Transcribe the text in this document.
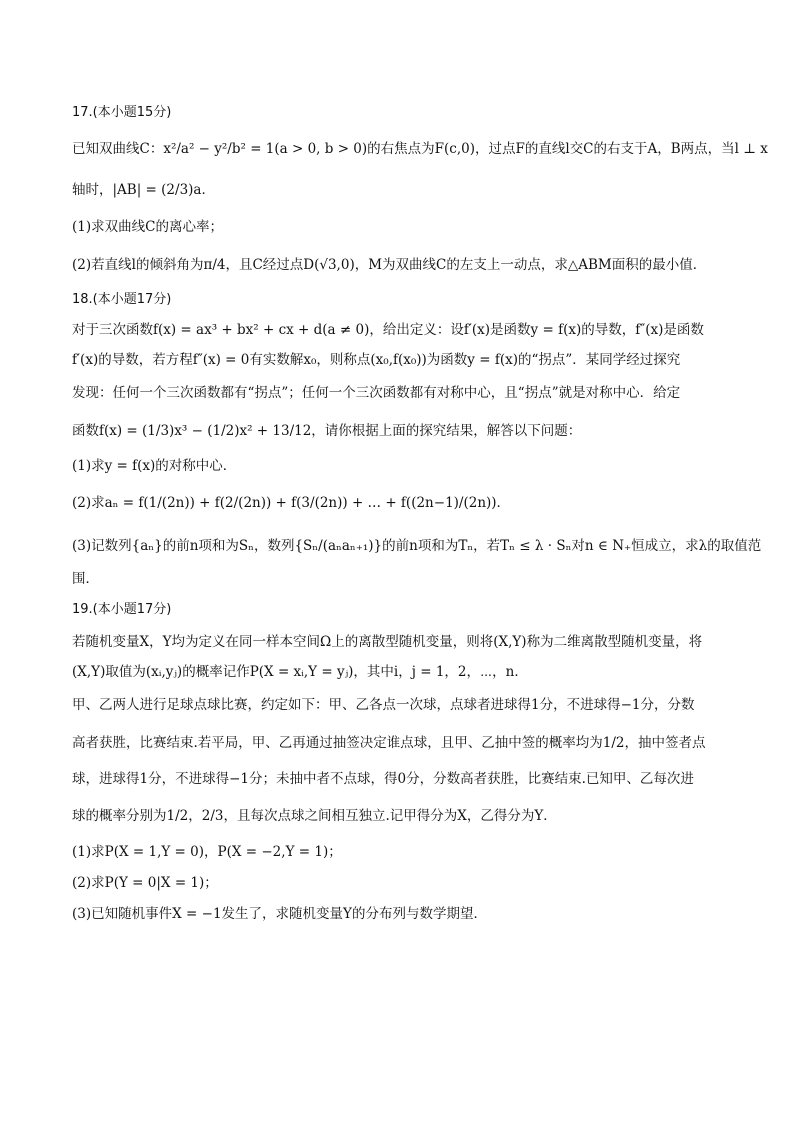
17.(本小题15分)
已知双曲线C：x²/a² − y²/b² = 1(a > 0, b > 0)的右焦点为F(c,0)，过点F的直线l交C的右支于A，B两点，当l ⊥ x
轴时，|AB| = (2/3)a．
(1)求双曲线C的离心率；
(2)若直线l的倾斜角为π/4，且C经过点D(√3,0)，M为双曲线C的左支上一动点，求△ABM面积的最小值．
18.(本小题17分)
对于三次函数f(x) = ax³ + bx² + cx + d(a ≠ 0)，给出定义：设f′(x)是函数y = f(x)的导数，f″(x)是函数
f′(x)的导数，若方程f″(x) = 0有实数解x₀，则称点(x₀,f(x₀))为函数y = f(x)的“拐点”．某同学经过探究
发现：任何一个三次函数都有“拐点”；任何一个三次函数都有对称中心，且“拐点”就是对称中心．给定
函数f(x) = (1/3)x³ − (1/2)x² + 13/12，请你根据上面的探究结果，解答以下问题：
(1)求y = f(x)的对称中心．
(2)求aₙ = f(1/(2n)) + f(2/(2n)) + f(3/(2n)) + … + f((2n−1)/(2n))．
(3)记数列{aₙ}的前n项和为Sₙ，数列{Sₙ/(aₙaₙ₊₁)}的前n项和为Tₙ，若Tₙ ≤ λ · Sₙ对n ∈ N₊恒成立，求λ的取值范
围．
19.(本小题17分)
若随机变量X，Y均为定义在同一样本空间Ω上的离散型随机变量，则将(X,Y)称为二维离散型随机变量，将
(X,Y)取值为(xᵢ,yⱼ)的概率记作P(X = xᵢ,Y = yⱼ)，其中i，j = 1，2，⋯，n．
甲、乙两人进行足球点球比赛，约定如下：甲、乙各点一次球，点球者进球得1分，不进球得−1分，分数
高者获胜，比赛结束.若平局，甲、乙再通过抽签决定谁点球，且甲、乙抽中签的概率均为1/2，抽中签者点
球，进球得1分，不进球得−1分；未抽中者不点球，得0分，分数高者获胜，比赛结束.已知甲、乙每次进
球的概率分别为1/2，2/3，且每次点球之间相互独立.记甲得分为X，乙得分为Y．
(1)求P(X = 1,Y = 0)，P(X = −2,Y = 1)；
(2)求P(Y = 0|X = 1)；
(3)已知随机事件X = −1发生了，求随机变量Y的分布列与数学期望．
